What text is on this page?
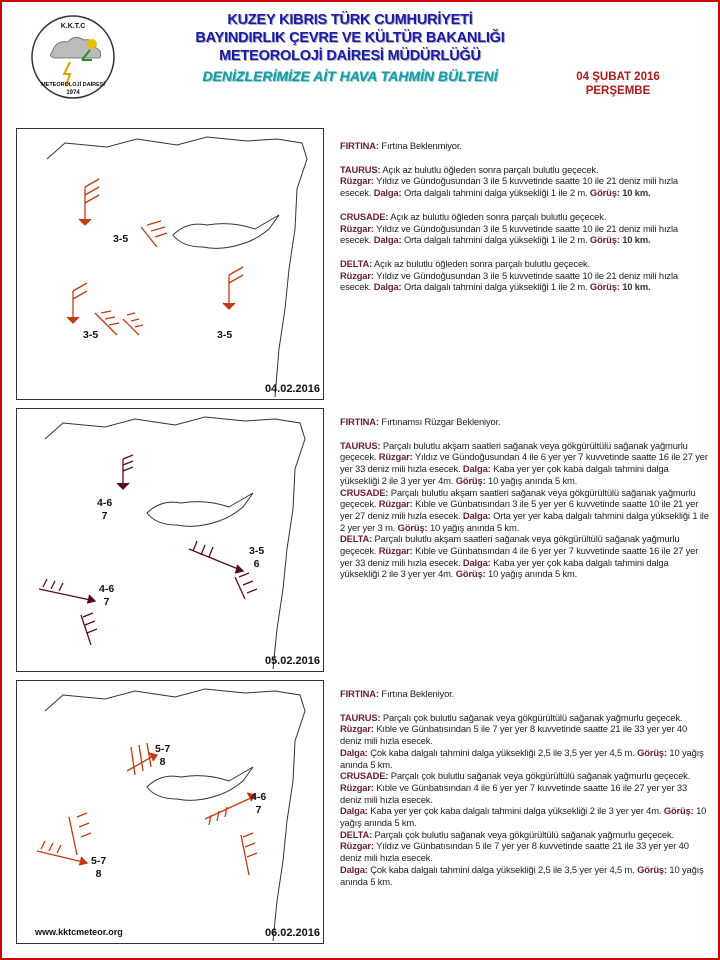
K.K.T.C
METEOROLOJİ DAİRESİ
1974
KUZEY KIBRIS TÜRK CUMHURİYETİ
BAYINDIRLIK ÇEVRE VE KÜLTÜR BAKANLIĞI
METEOROLOJİ DAİRESİ MÜDÜRLÜĞÜ
DENİZLERİMİZE AİT HAVA TAHMİN BÜLTENİ	04 ŞUBAT 2016
PERŞEMBE
3-5
3-5	3-5
04.02.2016
4-6
7
3-5
6
4-6
7
05.02.2016
5-7
8
4-6
7
5-7
8
www.kktcmeteor.org	06.02.2016

FIRTINA: Fırtına Beklenmiyor.

TAURUS: Açık az bulutlu öğleden sonra parçalı bulutlu geçecek.
Rüzgar: Yıldız ve Gündoğusundan 3 ile 5 kuvvetinde saatte 10 ile 21 deniz mili hızla esecek. Dalga: Orta dalgalı tahmini dalga yüksekliği 1 ile 2 m. Görüş: 10 km.

CRUSADE: Açık az bulutlu öğleden sonra parçalı bulutlu geçecek.
Rüzgar: Yıldız ve Gündoğusundan 3 ile 5 kuvvetinde saatte 10 ile 21 deniz mili hızla esecek. Dalga: Orta dalgalı tahmini dalga yüksekliği 1 ile 2 m. Görüş: 10 km.

DELTA: Açık az bulutlu öğleden sonra parçalı bulutlu geçecek.
Rüzgar: Yıldız ve Gündoğusundan 3 ile 5 kuvvetinde saatte 10 ile 21 deniz mili hızla esecek. Dalga: Orta dalgalı tahmini dalga yüksekliği 1 ile 2 m. Görüş: 10 km.

FIRTINA: Fırtınamsı Rüzgar Bekleniyor.

TAURUS: Parçalı bulutlu akşam saatleri sağanak veya gökgürültülü sağanak yağmurlu geçecek. Rüzgar: Yıldız ve Gündoğusundan 4 ile 6 yer yer 7 kuvvetinde saatte 16 ile 27 yer yer 33 deniz mili hızla esecek. Dalga: Kaba yer yer çok kaba dalgalı tahmini dalga yüksekliği 2 ile 3 yer yer 4m. Görüş: 10 yağış anında 5 km.

CRUSADE: Parçalı bulutlu akşam saatleri sağanak veya gökgürültülü sağanak yağmurlu geçecek. Rüzgar: Kıble ve Günbatısından 3 ile 5 yer yer 6 kuvvetinde saatte 10 ile 21 yer yer 27 deniz mili hızla esecek. Dalga: Orta yer yer kaba dalgalı tahmini dalga yüksekliği 1 ile 2 yer yer 3 m. Görüş: 10 yağış anında 5 km.

DELTA: Parçalı bulutlu akşam saatleri sağanak veya gökgürültülü sağanak yağmurlu geçecek. Rüzgar: Kıble ve Günbatısından 4 ile 6 yer yer 7 kuvvetinde saatte 16 ile 27 yer yer 33 deniz mili hızla esecek. Dalga: Kaba yer yer çok kaba dalgalı tahmini dalga yüksekliği 2 ile 3 yer yer 4m. Görüş: 10 yağış anında 5 km.

FIRTINA: Fırtına Bekleniyor.

TAURUS: Parçalı çok bulutlu sağanak veya gökgürültülü sağanak yağmurlu geçecek. Rüzgar: Kıble ve Günbatısından 5 ile 7 yer yer 8 kuvvetinde saatte 21 ile 33 yer yer 40 deniz mili hızla esecek.
Dalga: Çok kaba dalgalı tahmini dalga yüksekliği 2,5 ile 3,5 yer yer 4,5 m. Görüş: 10 yağış anında 5 km.

CRUSADE: Parçalı çok bulutlu sağanak veya gökgürültülü sağanak yağmurlu geçecek. Rüzgar: Kıble ve Günbatısından 4 ile 6 yer yer 7 kuvvetinde saatte 16 ile 27 yer yer 33 deniz mili hızla esecek.
Dalga: Kaba yer yer çok kaba dalgalı tahmini dalga yüksekliği 2 ile 3 yer yer 4m. Görüş: 10 yağış anında 5 km.

DELTA: Parçalı çok bulutlu sağanak veya gökgürültülü sağanak yağmurlu geçecek. Rüzgar: Yıldız ve Günbatısından 5 ile 7 yer yer 8 kuvvetinde saatte 21 ile 33 yer yer 40 deniz mili hızla esecek.
Dalga: Çok kaba dalgalı tahmini dalga yüksekliği 2,5 ile 3,5 yer yer 4,5 m. Görüş: 10 yağış anında 5 km.
